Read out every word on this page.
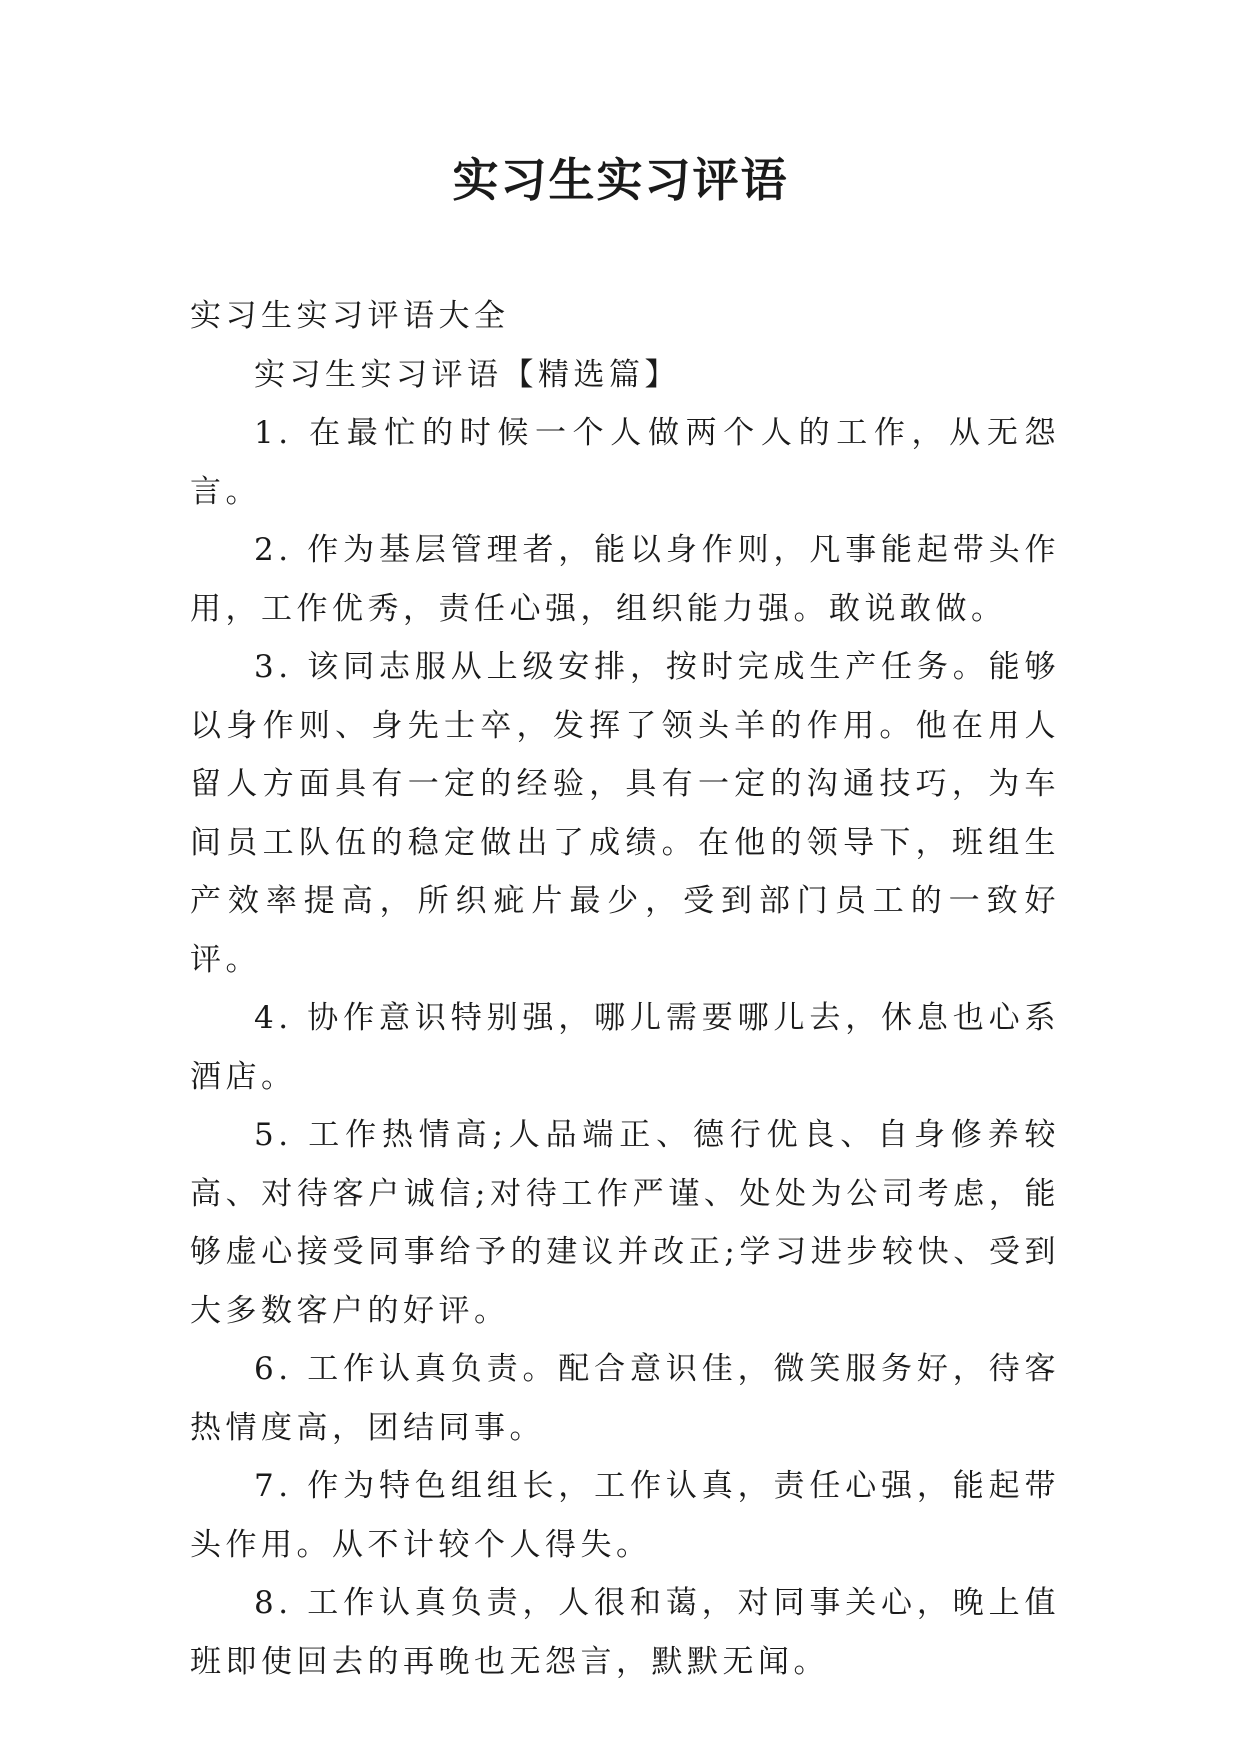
实习生实习评语

实习生实习评语大全

实习生实习评语【精选篇】

1. 在最忙的时候一个人做两个人的工作，从无怨言。

2. 作为基层管理者，能以身作则，凡事能起带头作用，工作优秀，责任心强，组织能力强。敢说敢做。

3. 该同志服从上级安排，按时完成生产任务。能够以身作则、身先士卒，发挥了领头羊的作用。他在用人留人方面具有一定的经验，具有一定的沟通技巧，为车间员工队伍的稳定做出了成绩。在他的领导下，班组生产效率提高，所织疵片最少，受到部门员工的一致好评。

4. 协作意识特别强，哪儿需要哪儿去，休息也心系酒店。

5. 工作热情高;人品端正、德行优良、自身修养较高、对待客户诚信;对待工作严谨、处处为公司考虑，能够虚心接受同事给予的建议并改正;学习进步较快、受到大多数客户的好评。

6. 工作认真负责。配合意识佳，微笑服务好，待客热情度高，团结同事。

7. 作为特色组组长，工作认真，责任心强，能起带头作用。从不计较个人得失。

8. 工作认真负责，人很和蔼，对同事关心，晚上值班即使回去的再晚也无怨言，默默无闻。
